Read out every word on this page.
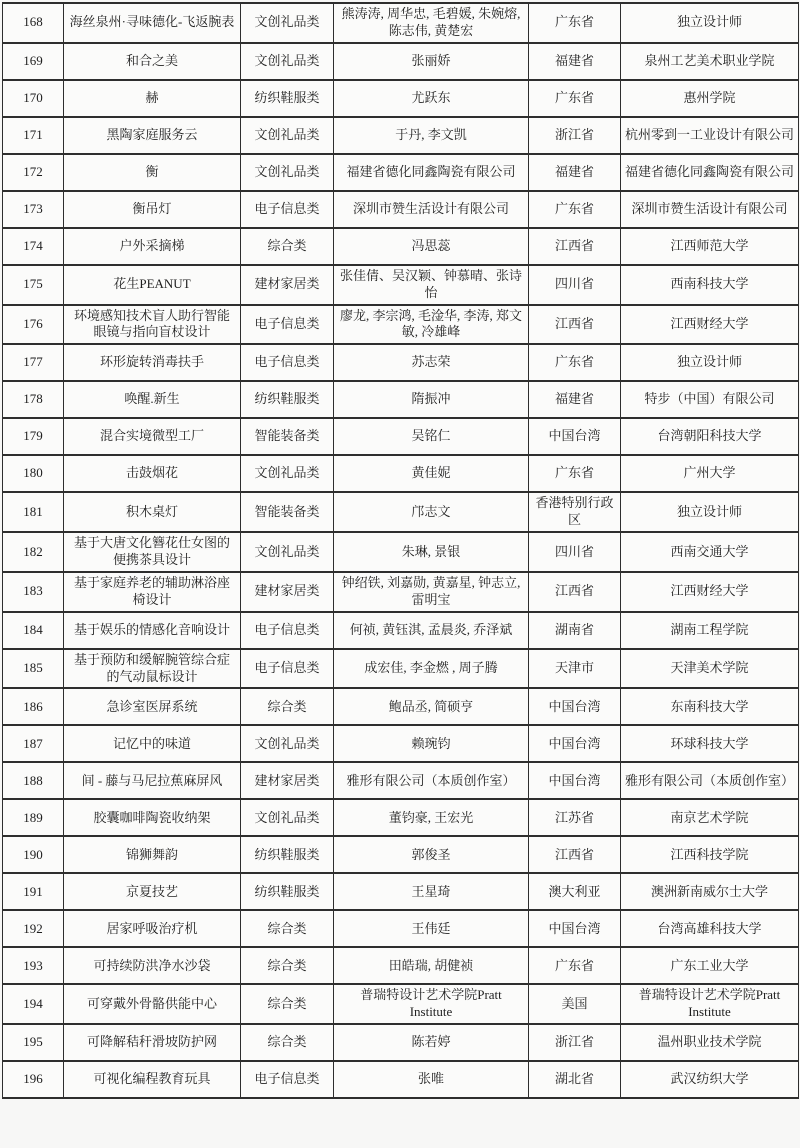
168	海丝泉州·寻味德化-飞返腕表	文创礼品类	熊涛涛, 周华忠, 毛碧媛, 朱婉熔, 陈志伟, 黄楚宏	广东省	独立设计师
169	和合之美	文创礼品类	张丽娇	福建省	泉州工艺美术职业学院
170	赫	纺织鞋服类	尤跃东	广东省	惠州学院
171	黑陶家庭服务云	文创礼品类	于丹, 李文凯	浙江省	杭州零到一工业设计有限公司
172	衡	文创礼品类	福建省德化同鑫陶瓷有限公司	福建省	福建省德化同鑫陶瓷有限公司
173	衡吊灯	电子信息类	深圳市赞生活设计有限公司	广东省	深圳市赞生活设计有限公司
174	户外采摘梯	综合类	冯思蕊	江西省	江西师范大学
175	花生PEANUT	建材家居类	张佳倩、吴汉颖、钟慕晴、张诗怡	四川省	西南科技大学
176	环境感知技术盲人助行智能眼镜与指向盲杖设计	电子信息类	廖龙, 李宗鸿, 毛淦华, 李涛, 郑文敏, 冷雄峰	江西省	江西财经大学
177	环形旋转消毒扶手	电子信息类	苏志荣	广东省	独立设计师
178	唤醒.新生	纺织鞋服类	隋振冲	福建省	特步（中国）有限公司
179	混合实境微型工厂	智能装备类	吴铭仁	中国台湾	台湾朝阳科技大学
180	击鼓烟花	文创礼品类	黄佳妮	广东省	广州大学
181	积木桌灯	智能装备类	邝志文	香港特别行政区	独立设计师
182	基于大唐文化簪花仕女图的便携茶具设计	文创礼品类	朱琳, 景银	四川省	西南交通大学
183	基于家庭养老的辅助淋浴座椅设计	建材家居类	钟绍铁, 刘嘉勋, 黄嘉星, 钟志立, 雷明宝	江西省	江西财经大学
184	基于娱乐的情感化音响设计	电子信息类	何祯, 黄钰淇, 孟晨炎, 乔泽斌	湖南省	湖南工程学院
185	基于预防和缓解腕管综合症的气动鼠标设计	电子信息类	成宏佳, 李金燃 , 周子腾	天津市	天津美术学院
186	急诊室医屏系统	综合类	鲍品丞, 简硕亨	中国台湾	东南科技大学
187	记忆中的味道	文创礼品类	赖琬钧	中国台湾	环球科技大学
188	间 - 藤与马尼拉蕉麻屏风	建材家居类	雅形有限公司（本质创作室）	中国台湾	雅形有限公司（本质创作室）
189	胶囊咖啡陶瓷收纳架	文创礼品类	董钧豪, 王宏光	江苏省	南京艺术学院
190	锦狮舞韵	纺织鞋服类	郭俊圣	江西省	江西科技学院
191	京夏技艺	纺织鞋服类	王星琦	澳大利亚	澳洲新南威尔士大学
192	居家呼吸治疗机	综合类	王伟廷	中国台湾	台湾高雄科技大学
193	可持续防洪净水沙袋	综合类	田皓瑞, 胡健祯	广东省	广东工业大学
194	可穿戴外骨骼供能中心	综合类	普瑞特设计艺术学院Pratt Institute	美国	普瑞特设计艺术学院Pratt Institute
195	可降解秸秆滑坡防护网	综合类	陈若婷	浙江省	温州职业技术学院
196	可视化编程教育玩具	电子信息类	张唯	湖北省	武汉纺织大学
